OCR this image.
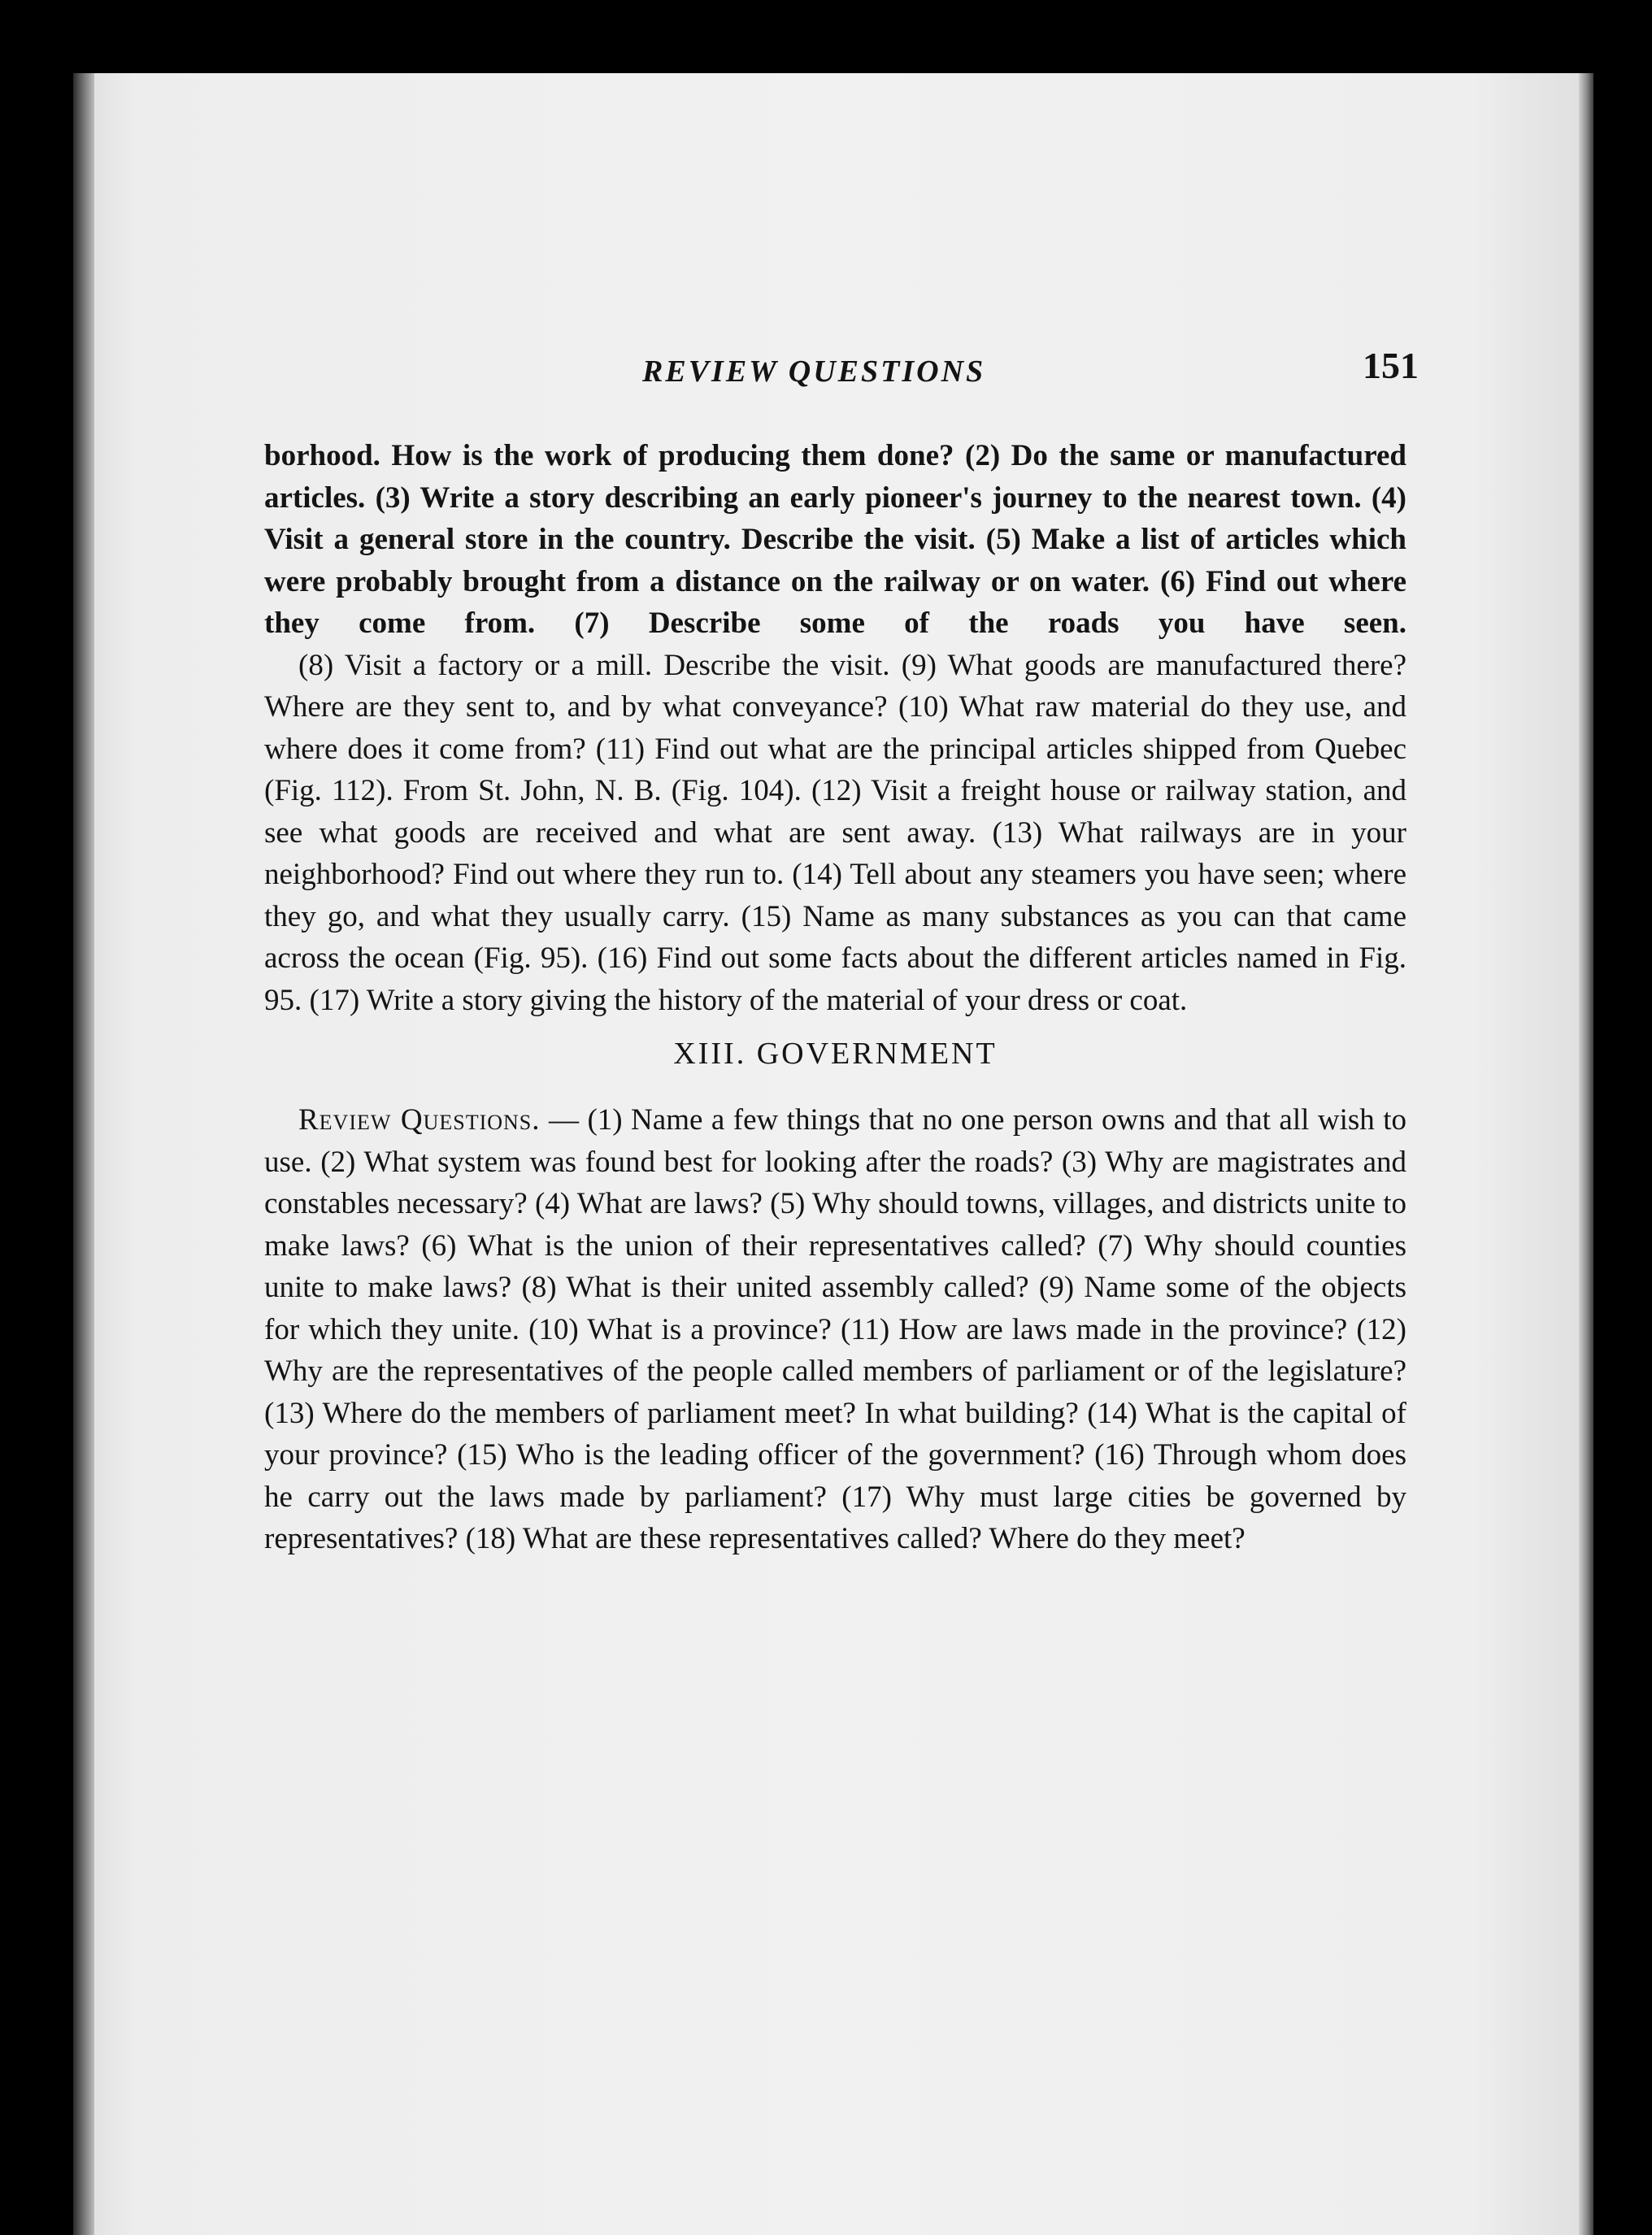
REVIEW QUESTIONS	151

borhood. How is the work of producing them done? (2) Do the same or manufactured articles. (3) Write a story describing an early pioneer's journey to the nearest town. (4) Visit a general store in the country. Describe the visit. (5) Make a list of articles which were probably brought from a distance on the railway or on water. (6) Find out where they come from. (7) Describe some of the roads you have seen.

(8) Visit a factory or a mill. Describe the visit. (9) What goods are manufactured there? Where are they sent to, and by what conveyance? (10) What raw material do they use, and where does it come from? (11) Find out what are the principal articles shipped from Quebec (Fig. 112). From St. John, N. B. (Fig. 104). (12) Visit a freight house or railway station, and see what goods are received and what are sent away. (13) What railways are in your neighborhood? Find out where they run to. (14) Tell about any steamers you have seen; where they go, and what they usually carry. (15) Name as many substances as you can that came across the ocean (Fig. 95). (16) Find out some facts about the different articles named in Fig. 95. (17) Write a story giving the history of the material of your dress or coat.

XIII. GOVERNMENT

Review Questions. — (1) Name a few things that no one person owns and that all wish to use. (2) What system was found best for looking after the roads? (3) Why are magistrates and constables necessary? (4) What are laws? (5) Why should towns, villages, and districts unite to make laws? (6) What is the union of their representatives called? (7) Why should counties unite to make laws? (8) What is their united assembly called? (9) Name some of the objects for which they unite. (10) What is a province? (11) How are laws made in the province? (12) Why are the representatives of the people called members of parliament or of the legislature? (13) Where do the members of parliament meet? In what building? (14) What is the capital of your province? (15) Who is the leading officer of the government? (16) Through whom does he carry out the laws made by parliament? (17) Why must large cities be governed by representatives? (18) What are these representatives called? Where do they meet?
